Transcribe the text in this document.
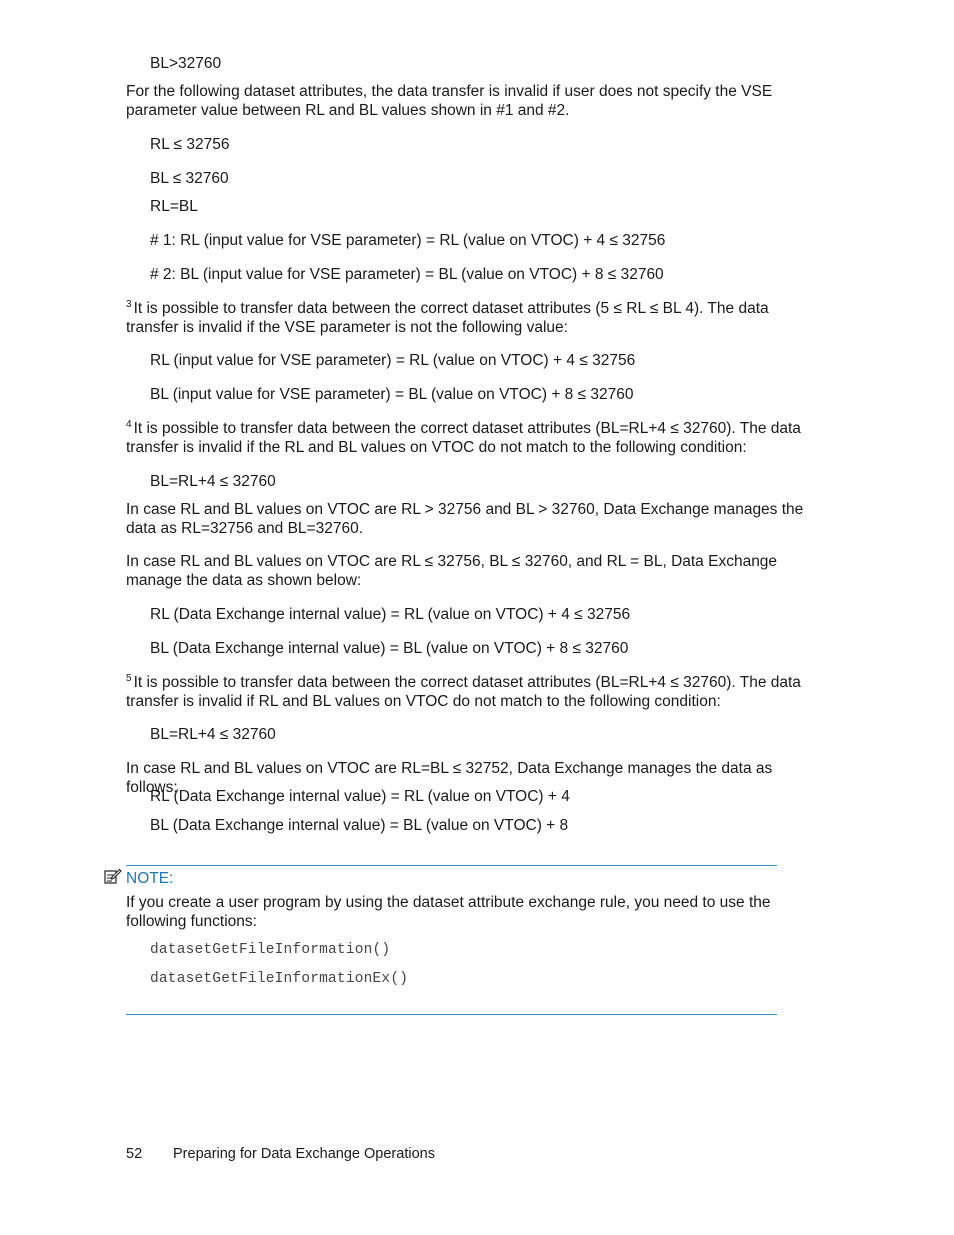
BL>32760
For the following dataset attributes, the data transfer is invalid if user does not specify the VSE parameter value between RL and BL values shown in #1 and #2.
RL ≤ 32756
BL ≤ 32760
RL=BL
# 1: RL (input value for VSE parameter) = RL (value on VTOC) + 4 ≤ 32756
# 2: BL (input value for VSE parameter) = BL (value on VTOC) + 8 ≤ 32760
$^3$ It is possible to transfer data between the correct dataset attributes (5 ≤ RL ≤ BL 4). The data transfer is invalid if the VSE parameter is not the following value:
RL (input value for VSE parameter) = RL (value on VTOC) + 4 ≤ 32756
BL (input value for VSE parameter) = BL (value on VTOC) + 8 ≤ 32760
$^4$ It is possible to transfer data between the correct dataset attributes (BL=RL+4 ≤ 32760). The data transfer is invalid if the RL and BL values on VTOC do not match to the following condition:
BL=RL+4 ≤ 32760
In case RL and BL values on VTOC are RL > 32756 and BL > 32760, Data Exchange manages the data as RL=32756 and BL=32760.
In case RL and BL values on VTOC are RL ≤ 32756, BL ≤ 32760, and RL = BL, Data Exchange manage the data as shown below:
RL (Data Exchange internal value) = RL (value on VTOC) + 4 ≤ 32756
BL (Data Exchange internal value) = BL (value on VTOC) + 8 ≤ 32760
$^5$ It is possible to transfer data between the correct dataset attributes (BL=RL+4 ≤ 32760). The data transfer is invalid if RL and BL values on VTOC do not match to the following condition:
BL=RL+4 ≤ 32760
In case RL and BL values on VTOC are RL=BL ≤ 32752, Data Exchange manages the data as follows:
RL (Data Exchange internal value) = RL (value on VTOC) + 4
BL (Data Exchange internal value) = BL (value on VTOC) + 8
NOTE:
If you create a user program by using the dataset attribute exchange rule, you need to use the following functions:
datasetGetFileInformation()
datasetGetFileInformationEx()
52 Preparing for Data Exchange Operations
